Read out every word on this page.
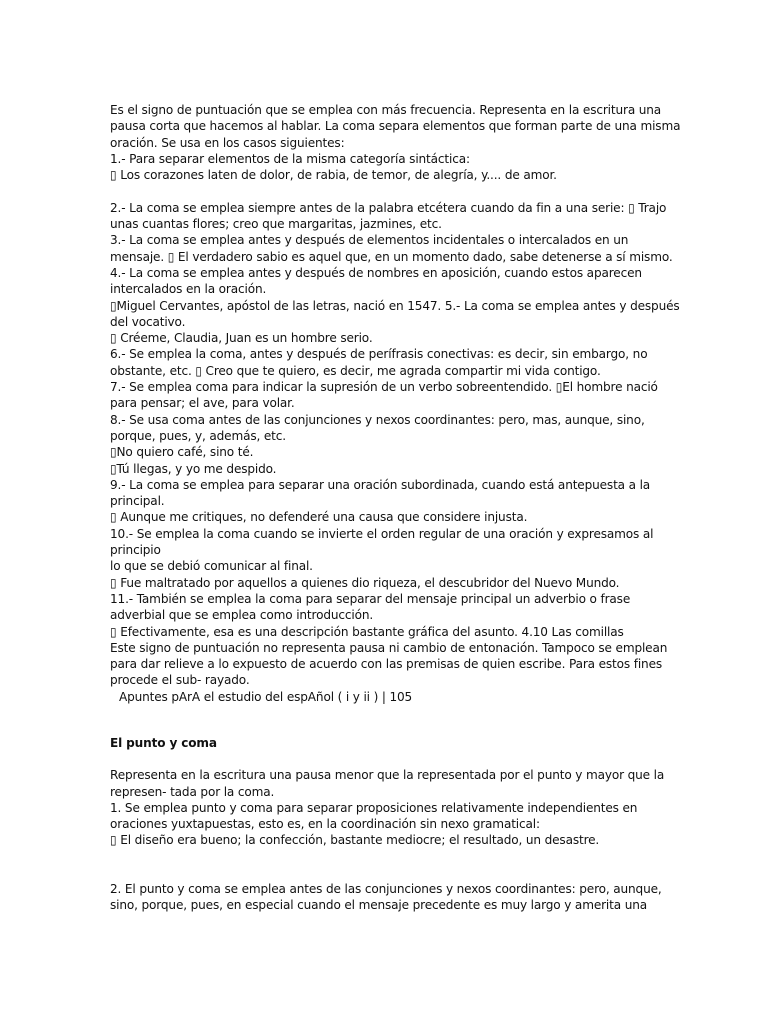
Es el signo de puntuación que se emplea con más frecuencia. Representa en la escritura una
pausa corta que hacemos al hablar. La coma separa elementos que forman parte de una misma
oración. Se usa en los casos siguientes:
1.- Para separar elementos de la misma categoría sintáctica:
▯ Los corazones laten de dolor, de rabia, de temor, de alegría, y.... de amor.
2.- La coma se emplea siempre antes de la palabra etcétera cuando da fin a una serie: ▯ Trajo
unas cuantas flores; creo que margaritas, jazmines, etc.
3.- La coma se emplea antes y después de elementos incidentales o intercalados en un
mensaje. ▯ El verdadero sabio es aquel que, en un momento dado, sabe detenerse a sí mismo.
4.- La coma se emplea antes y después de nombres en aposición, cuando estos aparecen
intercalados en la oración.
▯Miguel Cervantes, apóstol de las letras, nació en 1547. 5.- La coma se emplea antes y después
del vocativo.
▯ Créeme, Claudia, Juan es un hombre serio.
6.- Se emplea la coma, antes y después de perífrasis conectivas: es decir, sin embargo, no
obstante, etc. ▯ Creo que te quiero, es decir, me agrada compartir mi vida contigo.
7.- Se emplea coma para indicar la supresión de un verbo sobreentendido. ▯El hombre nació
para pensar; el ave, para volar.
8.- Se usa coma antes de las conjunciones y nexos coordinantes: pero, mas, aunque, sino,
porque, pues, y, además, etc.
▯No quiero café, sino té.
▯Tú llegas, y yo me despido.
9.- La coma se emplea para separar una oración subordinada, cuando está antepuesta a la
principal.
▯ Aunque me critiques, no defenderé una causa que considere injusta.
10.- Se emplea la coma cuando se invierte el orden regular de una oración y expresamos al
principio
lo que se debió comunicar al final.
▯ Fue maltratado por aquellos a quienes dio riqueza, el descubridor del Nuevo Mundo.
11.- También se emplea la coma para separar del mensaje principal un adverbio o frase
adverbial que se emplea como introducción.
▯ Efectivamente, esa es una descripción bastante gráfica del asunto. 4.10 Las comillas
Este signo de puntuación no representa pausa ni cambio de entonación. Tampoco se emplean
para dar relieve a lo expuesto de acuerdo con las premisas de quien escribe. Para estos fines
procede el sub- rayado.
Apuntes pArA el estudio del espAñol ( i y ii ) | 105
El punto y coma
Representa en la escritura una pausa menor que la representada por el punto y mayor que la
represen- tada por la coma.
1. Se emplea punto y coma para separar proposiciones relativamente independientes en
oraciones yuxtapuestas, esto es, en la coordinación sin nexo gramatical:
▯ El diseño era bueno; la confección, bastante mediocre; el resultado, un desastre.
2. El punto y coma se emplea antes de las conjunciones y nexos coordinantes: pero, aunque,
sino, porque, pues, en especial cuando el mensaje precedente es muy largo y amerita una
